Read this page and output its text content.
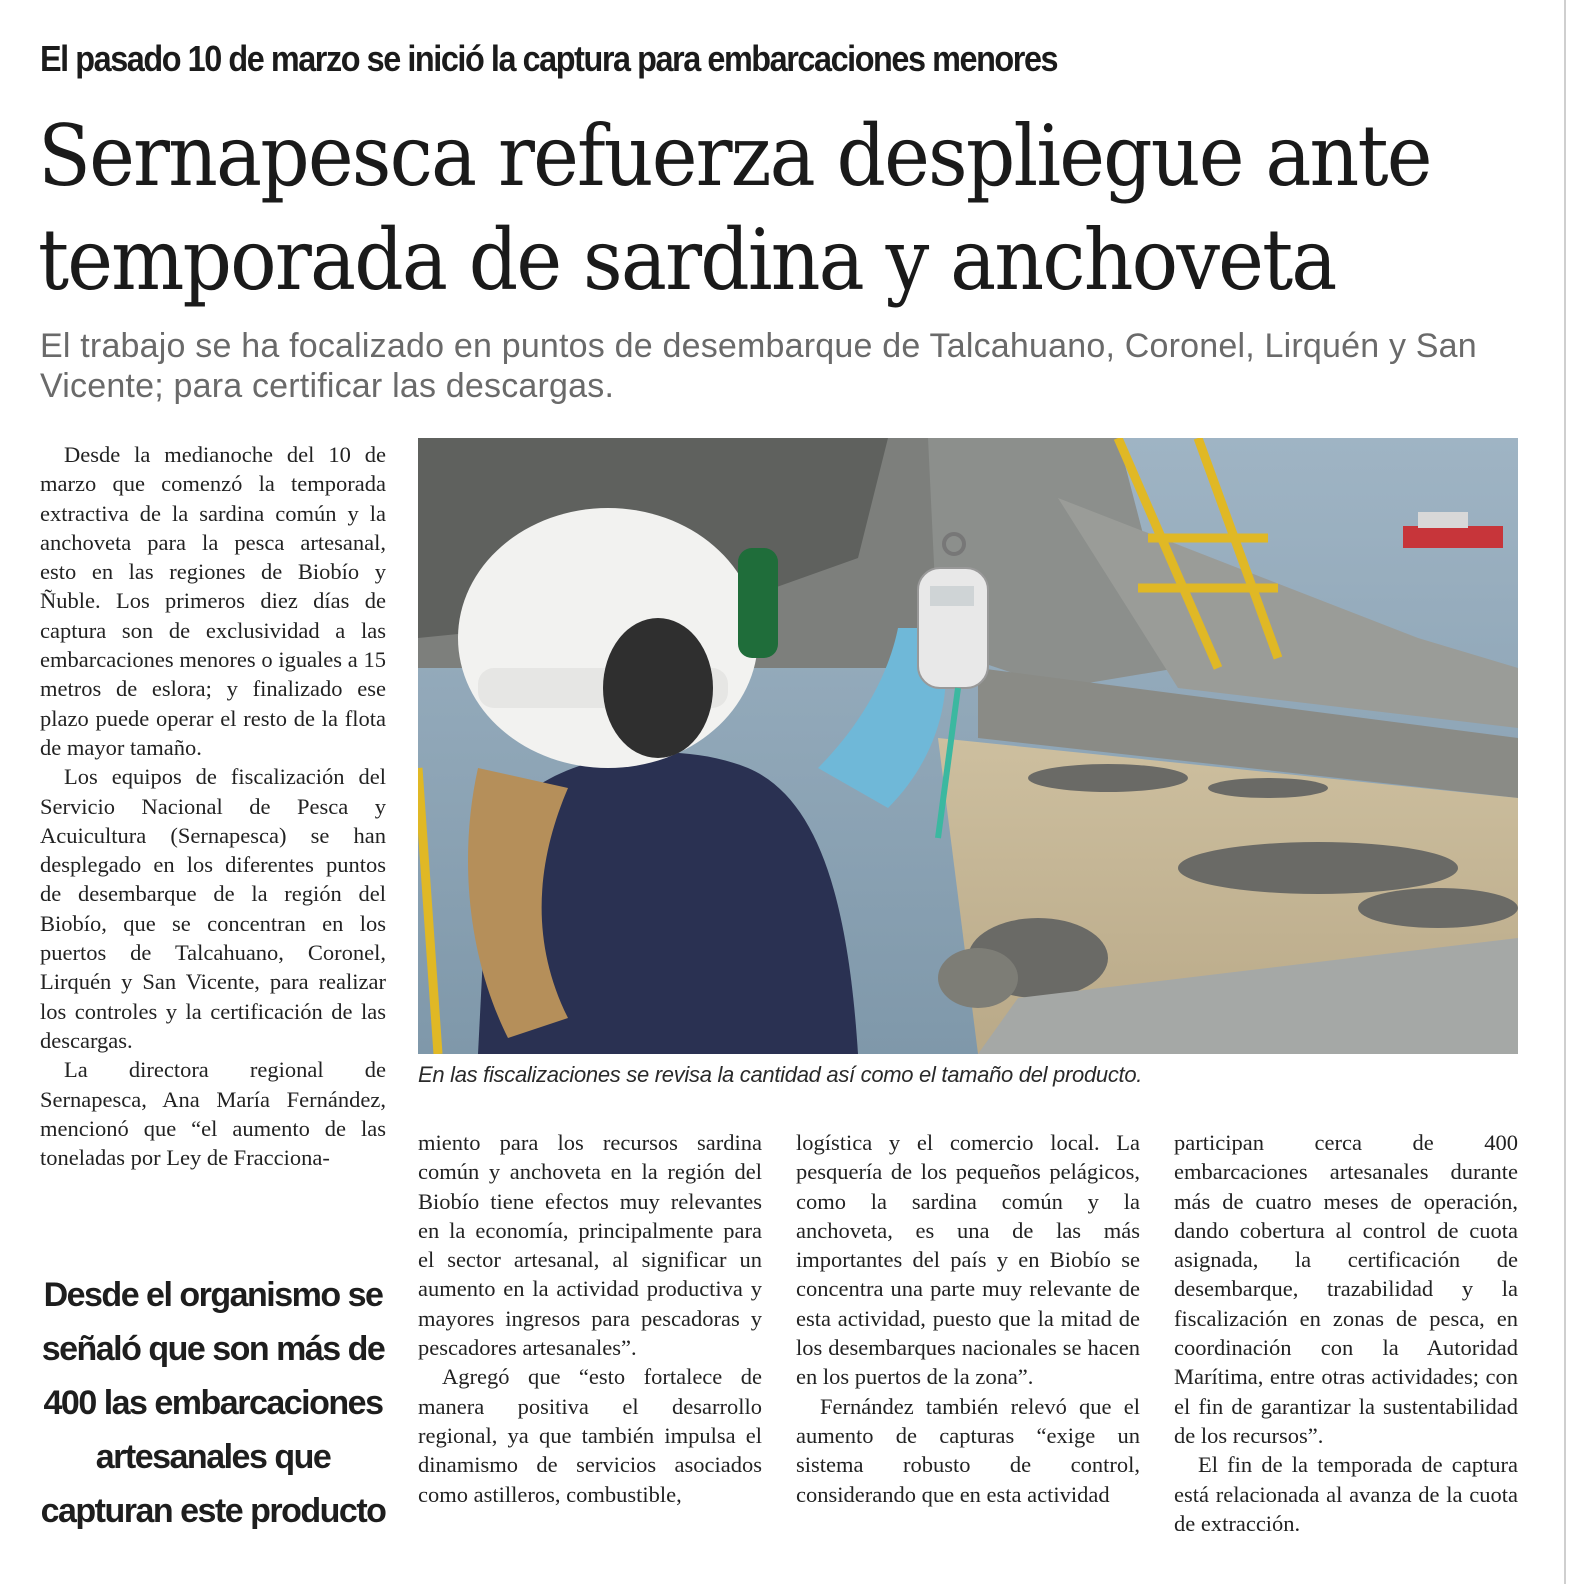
El pasado 10 de marzo se inició la captura para embarcaciones menores
Sernapesca refuerza despliegue ante
temporada de sardina y anchoveta

El trabajo se ha focalizado en puntos de desembarque de Talcahuano, Coronel, Lirquén y San Vicente; para certificar las descargas.

Desde la medianoche del 10 de marzo que comenzó la temporada extractiva de la sardina común y la anchoveta para la pesca artesanal, esto en las regiones de Biobío y Ñuble. Los primeros diez días de captura son de exclusividad a las embarcaciones menores o iguales a 15 metros de eslora; y finalizado ese plazo puede operar el resto de la flota de mayor tamaño.

Los equipos de fiscalización del Servicio Nacional de Pesca y Acuicultura (Sernapesca) se han desplegado en los diferentes puntos de desembarque de la región del Biobío, que se concentran en los puertos de Talcahuano, Coronel, Lirquén y San Vicente, para realizar los controles y la certificación de las descargas.

La directora regional de Sernapesca, Ana María Fernández, mencionó que “el aumento de las toneladas por Ley de Fracciona-

En las fiscalizaciones se revisa la cantidad así como el tamaño del producto.

miento para los recursos sardina común y anchoveta en la región del Biobío tiene efectos muy relevantes en la economía, principalmente para el sector artesanal, al significar un aumento en la actividad productiva y mayores ingresos para pescadoras y pescadores artesanales”.

Agregó que “esto fortalece de manera positiva el desarrollo regional, ya que también impulsa el dinamismo de servicios asociados como astilleros, combustible,

logística y el comercio local. La pesquería de los pequeños pelágicos, como la sardina común y la anchoveta, es una de las más importantes del país y en Biobío se concentra una parte muy relevante de esta actividad, puesto que la mitad de los desembarques nacionales se hacen en los puertos de la zona”.

Fernández también relevó que el aumento de capturas “exige un sistema robusto de control, considerando que en esta actividad

participan cerca de 400 embarcaciones artesanales durante más de cuatro meses de operación, dando cobertura al control de cuota asignada, la certificación de desembarque, trazabilidad y la fiscalización en zonas de pesca, en coordinación con la Autoridad Marítima, entre otras actividades; con el fin de garantizar la sustentabilidad de los recursos”.

El fin de la temporada de captura está relacionada al avanza de la cuota de extracción.

Desde el organismo se señaló que son más de 400 las embarcaciones artesanales que capturan este producto
